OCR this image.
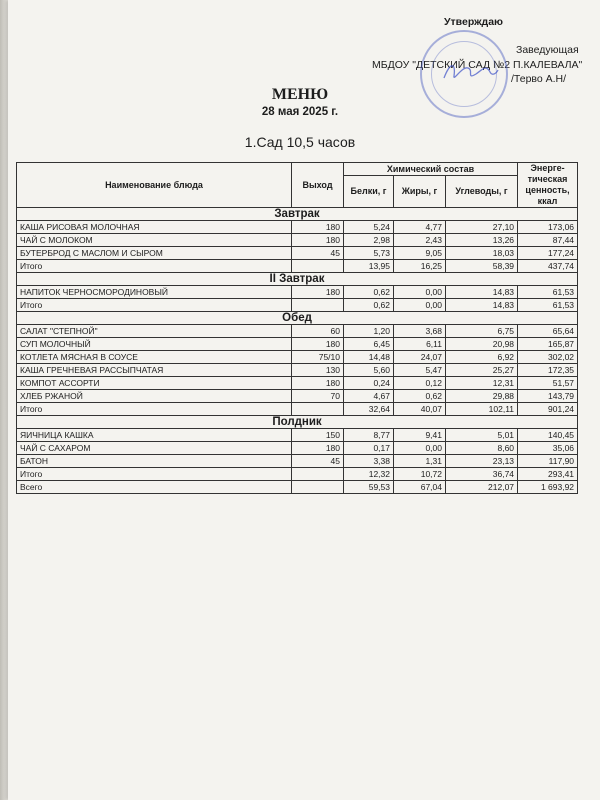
Утверждаю
Заведующая
МБДОУ "ДЕТСКИЙ САД №2 П.КАЛЕВАЛА"
/Терво А.Н/
МЕНЮ
28 мая 2025 г.
1.Сад 10,5 часов
Наименование блюда	Выход	Химический состав			Энерге-тическая ценность, ккал
		Белки, г	Жиры, г	Углеводы, г	
Завтрак					
КАША РИСОВАЯ МОЛОЧНАЯ	180	5,24	4,77	27,10	173,06
ЧАЙ С МОЛОКОМ	180	2,98	2,43	13,26	87,44
БУТЕРБРОД С МАСЛОМ И СЫРОМ	45	5,73	9,05	18,03	177,24
Итого		13,95	16,25	58,39	437,74
II Завтрак					
НАПИТОК ЧЕРНОСМОРОДИНОВЫЙ	180	0,62	0,00	14,83	61,53
Итого		0,62	0,00	14,83	61,53
Обед					
САЛАТ "СТЕПНОЙ"	60	1,20	3,68	6,75	65,64
СУП МОЛОЧНЫЙ	180	6,45	6,11	20,98	165,87
КОТЛЕТА МЯСНАЯ В СОУСЕ	75/10	14,48	24,07	6,92	302,02
КАША ГРЕЧНЕВАЯ РАССЫПЧАТАЯ	130	5,60	5,47	25,27	172,35
КОМПОТ АССОРТИ	180	0,24	0,12	12,31	51,57
ХЛЕБ РЖАНОЙ	70	4,67	0,62	29,88	143,79
Итого		32,64	40,07	102,11	901,24
Полдник					
ЯИЧНИЦА КАШКА	150	8,77	9,41	5,01	140,45
ЧАЙ С САХАРОМ	180	0,17	0,00	8,60	35,06
БАТОН	45	3,38	1,31	23,13	117,90
Итого		12,32	10,72	36,74	293,41
Всего		59,53	67,04	212,07	1 693,92
